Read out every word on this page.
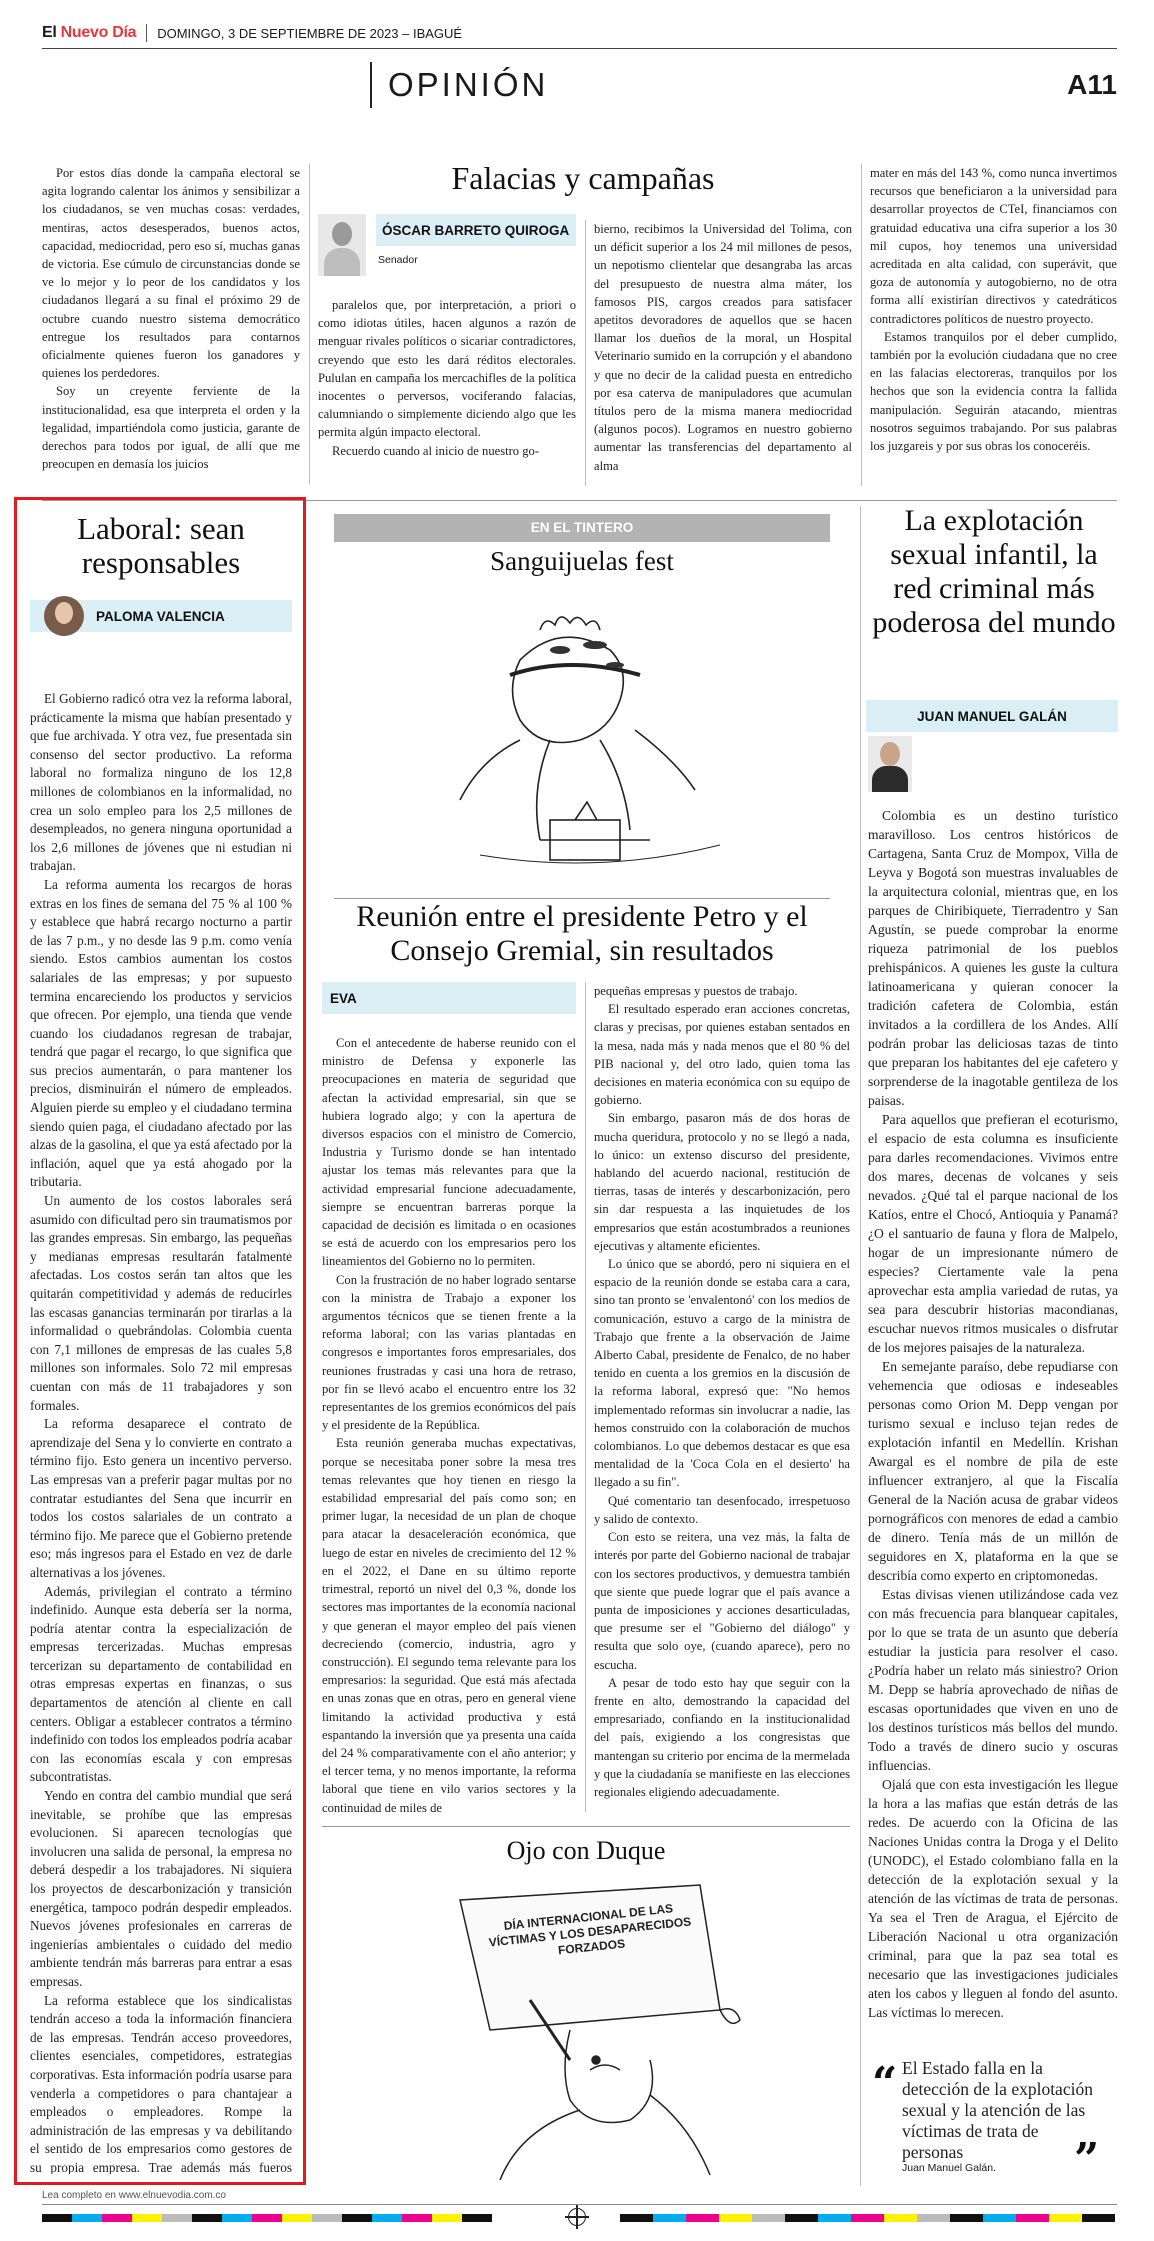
El Nuevo Día DOMINGO, 3 DE SEPTIEMBRE DE 2023 – IBAGUÉ
OPINIÓN	A11

Por estos días donde la campaña electoral se agita logrando calentar los ánimos y sensibilizar a los ciudadanos, se ven muchas cosas: verdades, mentiras, actos desesperados, buenos actos, capacidad, mediocridad, pero eso sí, muchas ganas de victoria. Ese cúmulo de circunstancias donde se ve lo mejor y lo peor de los candidatos y los ciudadanos llegará a su final el próximo 29 de octubre cuando nuestro sistema democrático entregue los resultados para contarnos oficialmente quienes fueron los ganadores y quienes los perdedores.

Soy un creyente ferviente de la institucionalidad, esa que interpreta el orden y la legalidad, impartiéndola como justicia, garante de derechos para todos por igual, de allí que me preocupen en demasía los juicios

Falacias y campañas
ÓSCAR BARRETO QUIROGA
Senador

paralelos que, por interpretación, a priori o como idiotas útiles, hacen algunos a razón de menguar rivales políticos o sicariar contradictores, creyendo que esto les dará réditos electorales. Pululan en campaña los mercachifles de la política inocentes o perversos, vociferando falacias, calumniando o simplemente diciendo algo que les permita algún impacto electoral.

Recuerdo cuando al inicio de nuestro go-

bierno, recibimos la Universidad del Tolima, con un déficit superior a los 24 mil millones de pesos, un nepotismo clientelar que desangraba las arcas del presupuesto de nuestra alma máter, los famosos PIS, cargos creados para satisfacer apetitos devoradores de aquellos que se hacen llamar los dueños de la moral, un Hospital Veterinario sumido en la corrupción y el abandono y que no decir de la calidad puesta en entredicho por esa caterva de manipuladores que acumulan títulos pero de la misma manera mediocridad (algunos pocos). Logramos en nuestro gobierno aumentar las transferencias del departamento al alma

mater en más del 143 %, como nunca invertimos recursos que beneficiaron a la universidad para desarrollar proyectos de CTeI, financiamos con gratuidad educativa una cifra superior a los 30 mil cupos, hoy tenemos una universidad acreditada en alta calidad, con superávit, que goza de autonomía y autogobierno, no de otra forma allí existirían directivos y catedráticos contradictores políticos de nuestro proyecto.

Estamos tranquilos por el deber cumplido, también por la evolución ciudadana que no cree en las falacias electoreras, tranquilos por los hechos que son la evidencia contra la fallida manipulación. Seguirán atacando, mientras nosotros seguimos trabajando. Por sus palabras los juzgareis y por sus obras los conoceréis.

Laboral: sean responsables
PALOMA VALENCIA

El Gobierno radicó otra vez la reforma laboral, prácticamente la misma que habían presentado y que fue archivada. Y otra vez, fue presentada sin consenso del sector productivo. La reforma laboral no formaliza ninguno de los 12,8 millones de colombianos en la informalidad, no crea un solo empleo para los 2,5 millones de desempleados, no genera ninguna oportunidad a los 2,6 millones de jóvenes que ni estudian ni trabajan.

La reforma aumenta los recargos de horas extras en los fines de semana del 75 % al 100 % y establece que habrá recargo nocturno a partir de las 7 p.m., y no desde las 9 p.m. como venía siendo. Estos cambios aumentan los costos salariales de las empresas; y por supuesto termina encareciendo los productos y servicios que ofrecen. Por ejemplo, una tienda que vende cuando los ciudadanos regresan de trabajar, tendrá que pagar el recargo, lo que significa que sus precios aumentarán, o para mantener los precios, disminuirán el número de empleados. Alguien pierde su empleo y el ciudadano termina siendo quien paga, el ciudadano afectado por las alzas de la gasolina, el que ya está afectado por la inflación, aquel que ya está ahogado por la tributaria.

Un aumento de los costos laborales será asumido con dificultad pero sin traumatismos por las grandes empresas. Sin embargo, las pequeñas y medianas empresas resultarán fatalmente afectadas. Los costos serán tan altos que les quitarán competitividad y además de reducirles las escasas ganancias terminarán por tirarlas a la informalidad o quebrándolas. Colombia cuenta con 7,1 millones de empresas de las cuales 5,8 millones son informales. Solo 72 mil empresas cuentan con más de 11 trabajadores y son formales.

La reforma desaparece el contrato de aprendizaje del Sena y lo convierte en contrato a término fijo. Esto genera un incentivo perverso. Las empresas van a preferir pagar multas por no contratar estudiantes del Sena que incurrir en todos los costos salariales de un contrato a término fijo. Me parece que el Gobierno pretende eso; más ingresos para el Estado en vez de darle alternativas a los jóvenes.

Además, privilegian el contrato a término indefinido. Aunque esta debería ser la norma, podría atentar contra la especialización de empresas tercerizadas. Muchas empresas tercerizan su departamento de contabilidad en otras empresas expertas en finanzas, o sus departamentos de atención al cliente en call centers. Obligar a establecer contratos a término indefinido con todos los empleados podría acabar con las economías escala y con empresas subcontratistas.

Yendo en contra del cambio mundial que será inevitable, se prohíbe que las empresas evolucionen. Si aparecen tecnologías que involucren una salida de personal, la empresa no deberá despedir a los trabajadores. Ni siquiera los proyectos de descarbonización y transición energética, tampoco podrán despedir empleados. Nuevos jóvenes profesionales en carreras de ingenierías ambientales o cuidado del medio ambiente tendrán más barreras para entrar a esas empresas.

La reforma establece que los sindicalistas tendrán acceso a toda la información financiera de las empresas. Tendrán acceso proveedores, clientes esenciales, competidores, estrategias corporativas. Esta información podría usarse para venderla a competidores o para chantajear a empleados o empleadores. Rompe la administración de las empresas y va debilitando el sentido de los empresarios como gestores de su propia empresa. Trae además más fueros

EN EL TINTERO
Sanguijuelas fest
Reunión entre el presidente Petro y el Consejo Gremial, sin resultados
EVA

Con el antecedente de haberse reunido con el ministro de Defensa y exponerle las preocupaciones en materia de seguridad que afectan la actividad empresarial, sin que se hubiera logrado algo; y con la apertura de diversos espacios con el ministro de Comercio, Industria y Turismo donde se han intentado ajustar los temas más relevantes para que la actividad empresarial funcione adecuadamente, siempre se encuentran barreras porque la capacidad de decisión es limitada o en ocasiones se está de acuerdo con los empresarios pero los lineamientos del Gobierno no lo permiten.

Con la frustración de no haber logrado sentarse con la ministra de Trabajo a exponer los argumentos técnicos que se tienen frente a la reforma laboral; con las varias plantadas en congresos e importantes foros empresariales, dos reuniones frustradas y casi una hora de retraso, por fin se llevó acabo el encuentro entre los 32 representantes de los gremios económicos del país y el presidente de la República.

Esta reunión generaba muchas expectativas, porque se necesitaba poner sobre la mesa tres temas relevantes que hoy tienen en riesgo la estabilidad empresarial del país como son; en primer lugar, la necesidad de un plan de choque para atacar la desaceleración económica, que luego de estar en niveles de crecimiento del 12 % en el 2022, el Dane en su último reporte trimestral, reportó un nivel del 0,3 %, donde los sectores mas importantes de la economía nacional y que generan el mayor empleo del país vienen decreciendo (comercio, industria, agro y construcción). El segundo tema relevante para los empresarios: la seguridad. Que está más afectada en unas zonas que en otras, pero en general viene limitando la actividad productiva y está espantando la inversión que ya presenta una caída del 24 % comparativamente con el año anterior; y el tercer tema, y no menos importante, la reforma laboral que tiene en vilo varios sectores y la continuidad de miles de

pequeñas empresas y puestos de trabajo.

El resultado esperado eran acciones concretas, claras y precisas, por quienes estaban sentados en la mesa, nada más y nada menos que el 80 % del PIB nacional y, del otro lado, quien toma las decisiones en materia económica con su equipo de gobierno.

Sin embargo, pasaron más de dos horas de mucha queridura, protocolo y no se llegó a nada, lo único: un extenso discurso del presidente, hablando del acuerdo nacional, restitución de tierras, tasas de interés y descarbonización, pero sin dar respuesta a las inquietudes de los empresarios que están acostumbrados a reuniones ejecutivas y altamente eficientes.

Lo único que se abordó, pero ni siquiera en el espacio de la reunión donde se estaba cara a cara, sino tan pronto se 'envalentonó' con los medios de comunicación, estuvo a cargo de la ministra de Trabajo que frente a la observación de Jaime Alberto Cabal, presidente de Fenalco, de no haber tenido en cuenta a los gremios en la discusión de la reforma laboral, expresó que: "No hemos implementado reformas sin involucrar a nadie, las hemos construido con la colaboración de muchos colombianos. Lo que debemos destacar es que esa mentalidad de la 'Coca Cola en el desierto' ha llegado a su fin".

Qué comentario tan desenfocado, irrespetuoso y salido de contexto.

Con esto se reitera, una vez más, la falta de interés por parte del Gobierno nacional de trabajar con los sectores productivos, y demuestra también que siente que puede lograr que el país avance a punta de imposiciones y acciones desarticuladas, que presume ser el "Gobierno del diálogo" y resulta que solo oye, (cuando aparece), pero no escucha.

A pesar de todo esto hay que seguir con la frente en alto, demostrando la capacidad del empresariado, confiando en la institucionalidad del país, exigiendo a los congresistas que mantengan su criterio por encima de la mermelada y que la ciudadanía se manifieste en las elecciones regionales eligiendo adecuadamente.

Ojo con Duque
DÍA INTERNACIONAL DE LAS VÍCTIMAS Y LOS DESAPARECIDOS FORZADOS
La explotación sexual infantil, la red criminal más poderosa del mundo
JUAN MANUEL GALÁN

Colombia es un destino turístico maravilloso. Los centros históricos de Cartagena, Santa Cruz de Mompox, Villa de Leyva y Bogotá son muestras invaluables de la arquitectura colonial, mientras que, en los parques de Chiribiquete, Tierradentro y San Agustín, se puede comprobar la enorme riqueza patrimonial de los pueblos prehispánicos. A quienes les guste la cultura latinoamericana y quieran conocer la tradición cafetera de Colombia, están invitados a la cordillera de los Andes. Allí podrán probar las deliciosas tazas de tinto que preparan los habitantes del eje cafetero y sorprenderse de la inagotable gentileza de los paisas.

Para aquellos que prefieran el ecoturismo, el espacio de esta columna es insuficiente para darles recomendaciones. Vivimos entre dos mares, decenas de volcanes y seis nevados. ¿Qué tal el parque nacional de los Katíos, entre el Chocó, Antioquia y Panamá? ¿O el santuario de fauna y flora de Malpelo, hogar de un impresionante número de especies? Ciertamente vale la pena aprovechar esta amplia variedad de rutas, ya sea para descubrir historias macondianas, escuchar nuevos ritmos musicales o disfrutar de los mejores paisajes de la naturaleza.

En semejante paraíso, debe repudiarse con vehemencia que odiosas e indeseables personas como Orion M. Depp vengan por turismo sexual e incluso tejan redes de explotación infantil en Medellín. Krishan Awargal es el nombre de pila de este influencer extranjero, al que la Fiscalía General de la Nación acusa de grabar videos pornográficos con menores de edad a cambio de dinero. Tenía más de un millón de seguidores en X, plataforma en la que se describía como experto en criptomonedas.

Estas divisas vienen utilizándose cada vez con más frecuencia para blanquear capitales, por lo que se trata de un asunto que debería estudiar la justicia para resolver el caso. ¿Podría haber un relato más siniestro? Orion M. Depp se habría aprovechado de niñas de escasas oportunidades que viven en uno de los destinos turísticos más bellos del mundo. Todo a través de dinero sucio y oscuras influencias.

Ojalá que con esta investigación les llegue la hora a las mafias que están detrás de las redes. De acuerdo con la Oficina de las Naciones Unidas contra la Droga y el Delito (UNODC), el Estado colombiano falla en la detección de la explotación sexual y la atención de las víctimas de trata de personas. Ya sea el Tren de Aragua, el Ejército de Liberación Nacional u otra organización criminal, para que la paz sea total es necesario que las investigaciones judiciales aten los cabos y lleguen al fondo del asunto. Las víctimas lo merecen.

“ El Estado falla en la detección de la explotación sexual y la atención de las víctimas de trata de personas
Juan Manuel Galán. ”
Lea completo en www.elnuevodia.com.co
